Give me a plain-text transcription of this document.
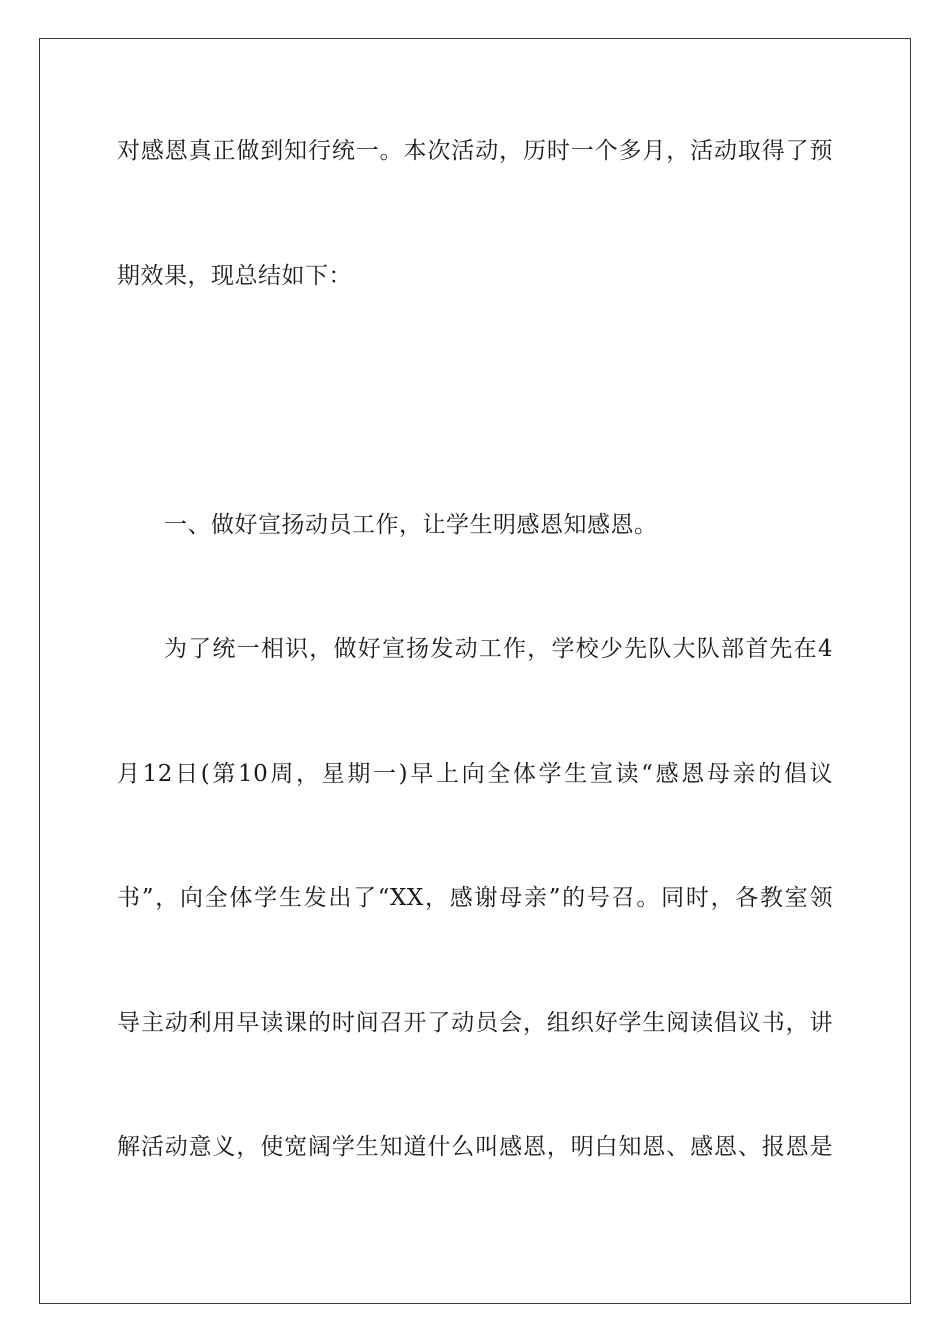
对感恩真正做到知行统一。本次活动，历时一个多月，活动取得了预
期效果，现总结如下：
一、做好宣扬动员工作，让学生明感恩知感恩。
为了统一相识，做好宣扬发动工作，学校少先队大队部首先在4
月12日(第10周，星期一)早上向全体学生宣读“感恩母亲的倡议
书”，向全体学生发出了“XX，感谢母亲”的号召。同时，各教室领
导主动利用早读课的时间召开了动员会，组织好学生阅读倡议书，讲
解活动意义，使宽阔学生知道什么叫感恩，明白知恩、感恩、报恩是
